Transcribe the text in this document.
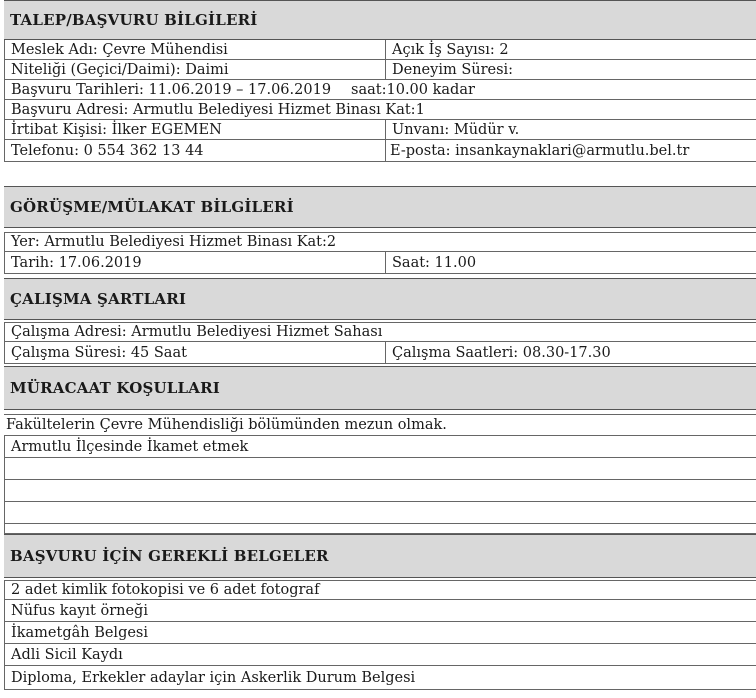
TALEP/BAŞVURU BİLGİLERİ
Meslek Adı: Çevre Mühendisi	Açık İş Sayısı: 2
Niteliği (Geçici/Daimi): Daimi	Deneyim Süresi:
Başvuru Tarihleri: 11.06.2019 – 17.06.2019 saat:10.00 kadar
Başvuru Adresi: Armutlu Belediyesi Hizmet Binası Kat:1
İrtibat Kişisi: İlker EGEMEN	Unvanı: Müdür v.
Telefonu: 0 554 362 13 44	E-posta: insankaynaklari@armutlu.bel.tr
GÖRÜŞME/MÜLAKAT BİLGİLERİ
Yer: Armutlu Belediyesi Hizmet Binası Kat:2
Tarih: 17.06.2019	Saat: 11.00
ÇALIŞMA ŞARTLARI
Çalışma Adresi: Armutlu Belediyesi Hizmet Sahası
Çalışma Süresi: 45 Saat	Çalışma Saatleri: 08.30-17.30
MÜRACAAT KOŞULLARI
Fakültelerin Çevre Mühendisliği bölümünden mezun olmak.
Armutlu İlçesinde İkamet etmek
BAŞVURU İÇİN GEREKLİ BELGELER
2 adet kimlik fotokopisi ve 6 adet fotograf
Nüfus kayıt örneği
İkametgâh Belgesi
Adli Sicil Kaydı
Diploma, Erkekler adaylar için Askerlik Durum Belgesi
